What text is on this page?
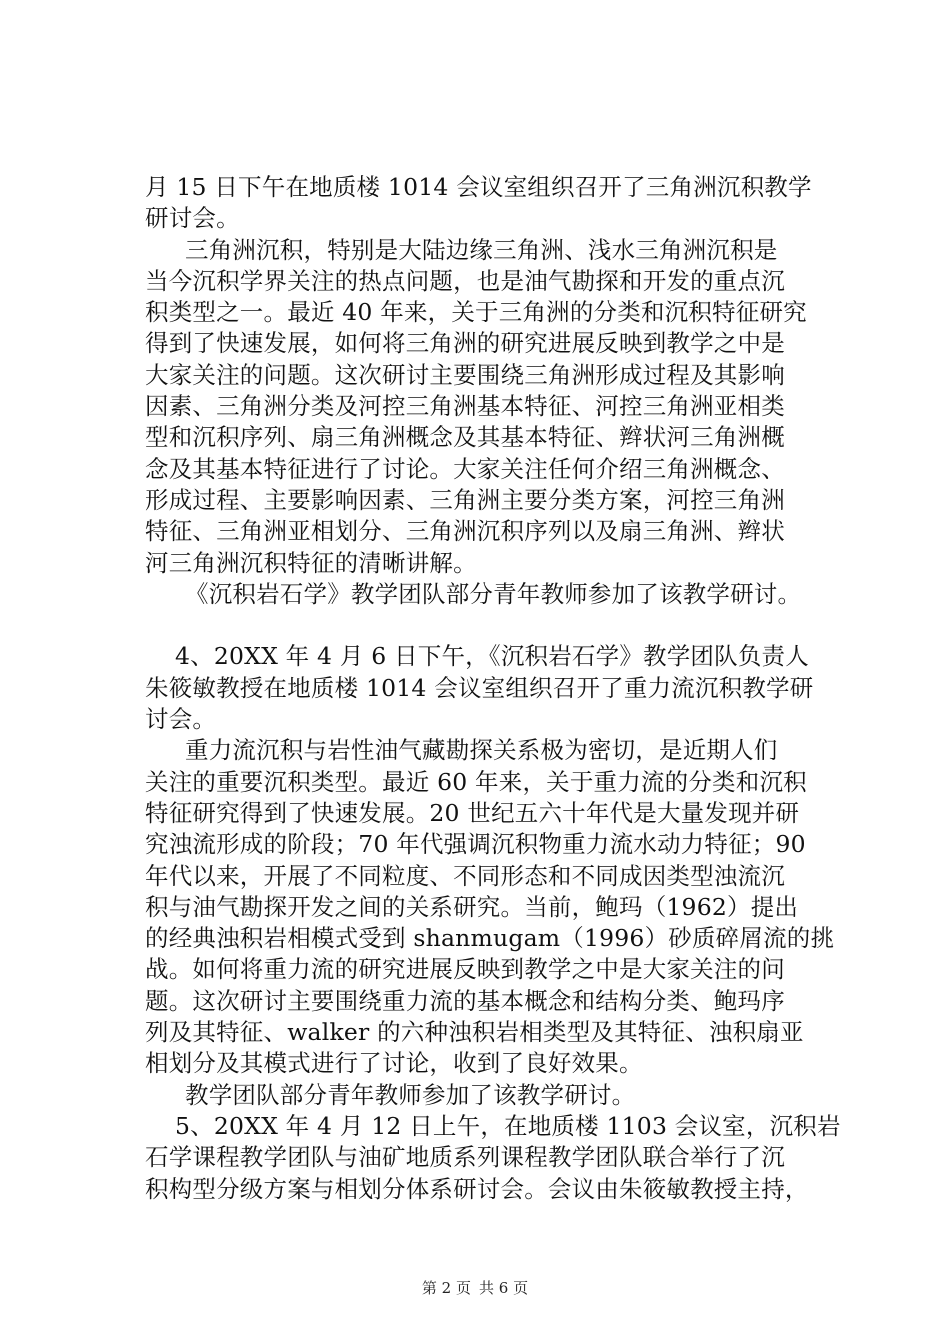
月 15 日下午在地质楼 1014 会议室组织召开了三角洲沉积教学
研讨会。
三角洲沉积，特别是大陆边缘三角洲、浅水三角洲沉积是
当今沉积学界关注的热点问题，也是油气勘探和开发的重点沉
积类型之一。最近 40 年来，关于三角洲的分类和沉积特征研究
得到了快速发展，如何将三角洲的研究进展反映到教学之中是
大家关注的问题。这次研讨主要围绕三角洲形成过程及其影响
因素、三角洲分类及河控三角洲基本特征、河控三角洲亚相类
型和沉积序列、扇三角洲概念及其基本特征、辫状河三角洲概
念及其基本特征进行了讨论。大家关注任何介绍三角洲概念、
形成过程、主要影响因素、三角洲主要分类方案，河控三角洲
特征、三角洲亚相划分、三角洲沉积序列以及扇三角洲、辫状
河三角洲沉积特征的清晰讲解。
《沉积岩石学》教学团队部分青年教师参加了该教学研讨。
4、20XX 年 4 月 6 日下午，《沉积岩石学》教学团队负责人
朱筱敏教授在地质楼 1014 会议室组织召开了重力流沉积教学研
讨会。
重力流沉积与岩性油气藏勘探关系极为密切，是近期人们
关注的重要沉积类型。最近 60 年来，关于重力流的分类和沉积
特征研究得到了快速发展。20 世纪五六十年代是大量发现并研
究浊流形成的阶段；70 年代强调沉积物重力流水动力特征；90
年代以来，开展了不同粒度、不同形态和不同成因类型浊流沉
积与油气勘探开发之间的关系研究。当前，鲍玛（1962）提出
的经典浊积岩相模式受到 shanmugam（1996）砂质碎屑流的挑
战。如何将重力流的研究进展反映到教学之中是大家关注的问
题。这次研讨主要围绕重力流的基本概念和结构分类、鲍玛序
列及其特征、walker 的六种浊积岩相类型及其特征、浊积扇亚
相划分及其模式进行了讨论，收到了良好效果。
教学团队部分青年教师参加了该教学研讨。
5、20XX 年 4 月 12 日上午，在地质楼 1103 会议室，沉积岩
石学课程教学团队与油矿地质系列课程教学团队联合举行了沉
积构型分级方案与相划分体系研讨会。会议由朱筱敏教授主持，
第 2 页 共 6 页
